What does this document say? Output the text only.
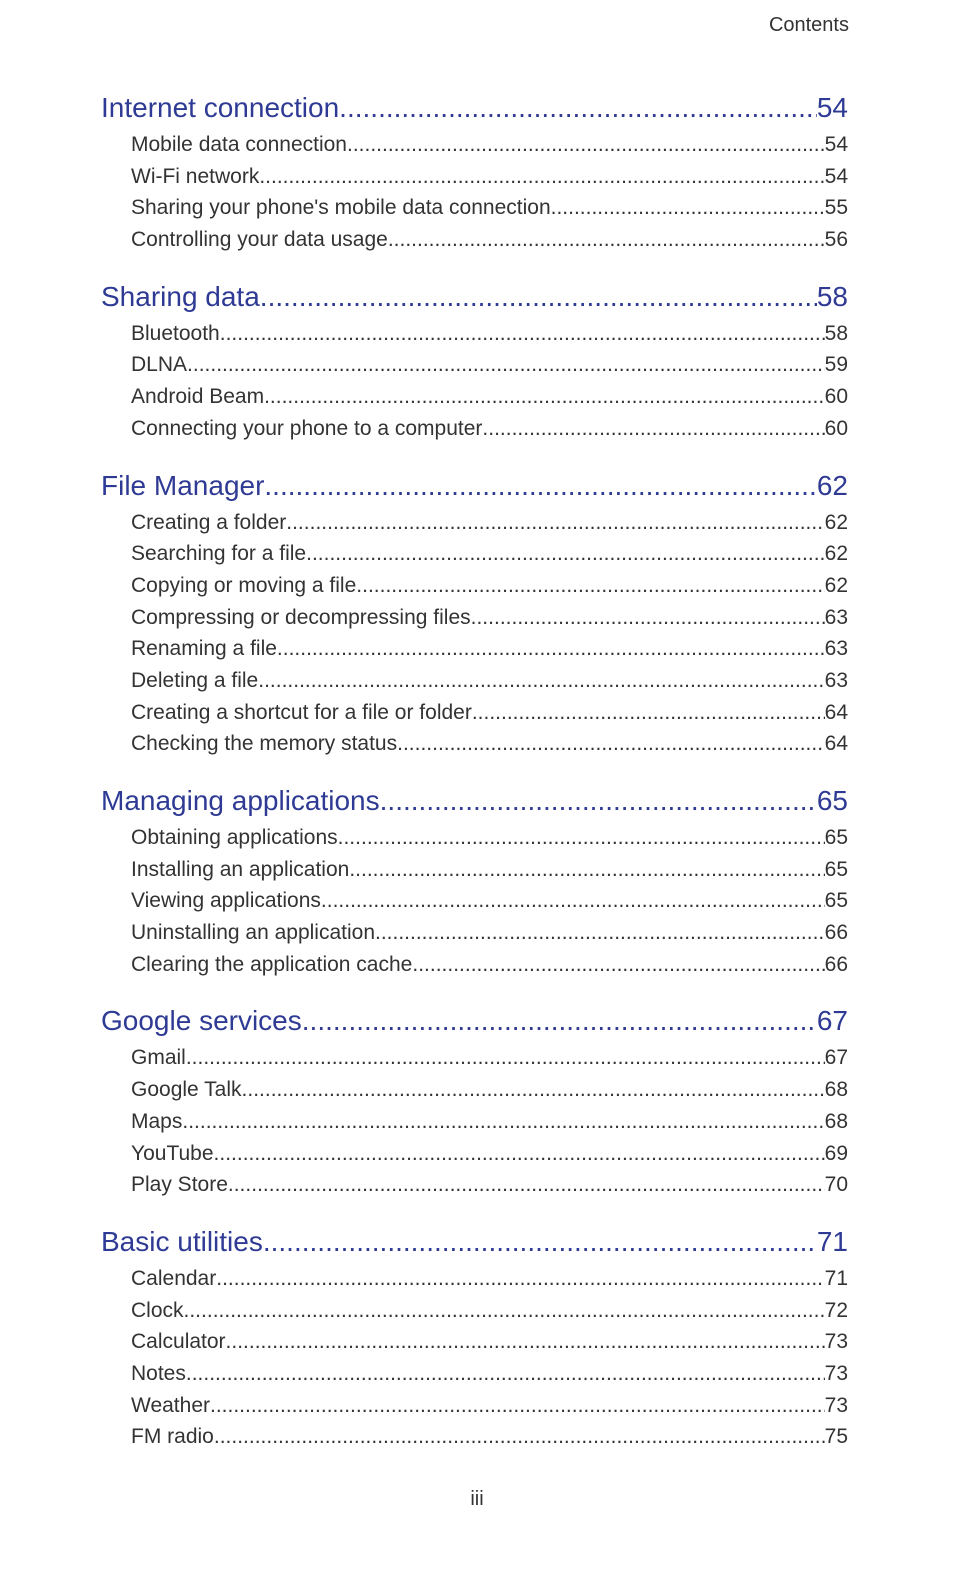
Contents
Internet connection .....	54
Mobile data connection .....	54
Wi-Fi network .....	54
Sharing your phone's mobile data connection .....	55
Controlling your data usage .....	56
Sharing data .....	58
Bluetooth .....	58
DLNA .....	59
Android Beam .....	60
Connecting your phone to a computer .....	60
File Manager .....	62
Creating a folder .....	62
Searching for a file .....	62
Copying or moving a file .....	62
Compressing or decompressing files .....	63
Renaming a file .....	63
Deleting a file .....	63
Creating a shortcut for a file or folder .....	64
Checking the memory status .....	64
Managing applications .....	65
Obtaining applications .....	65
Installing an application .....	65
Viewing applications .....	65
Uninstalling an application .....	66
Clearing the application cache .....	66
Google services .....	67
Gmail .....	67
Google Talk .....	68
Maps .....	68
YouTube .....	69
Play Store .....	70
Basic utilities .....	71
Calendar .....	71
Clock .....	72
Calculator .....	73
Notes .....	73
Weather .....	73
FM radio .....	75
iii
